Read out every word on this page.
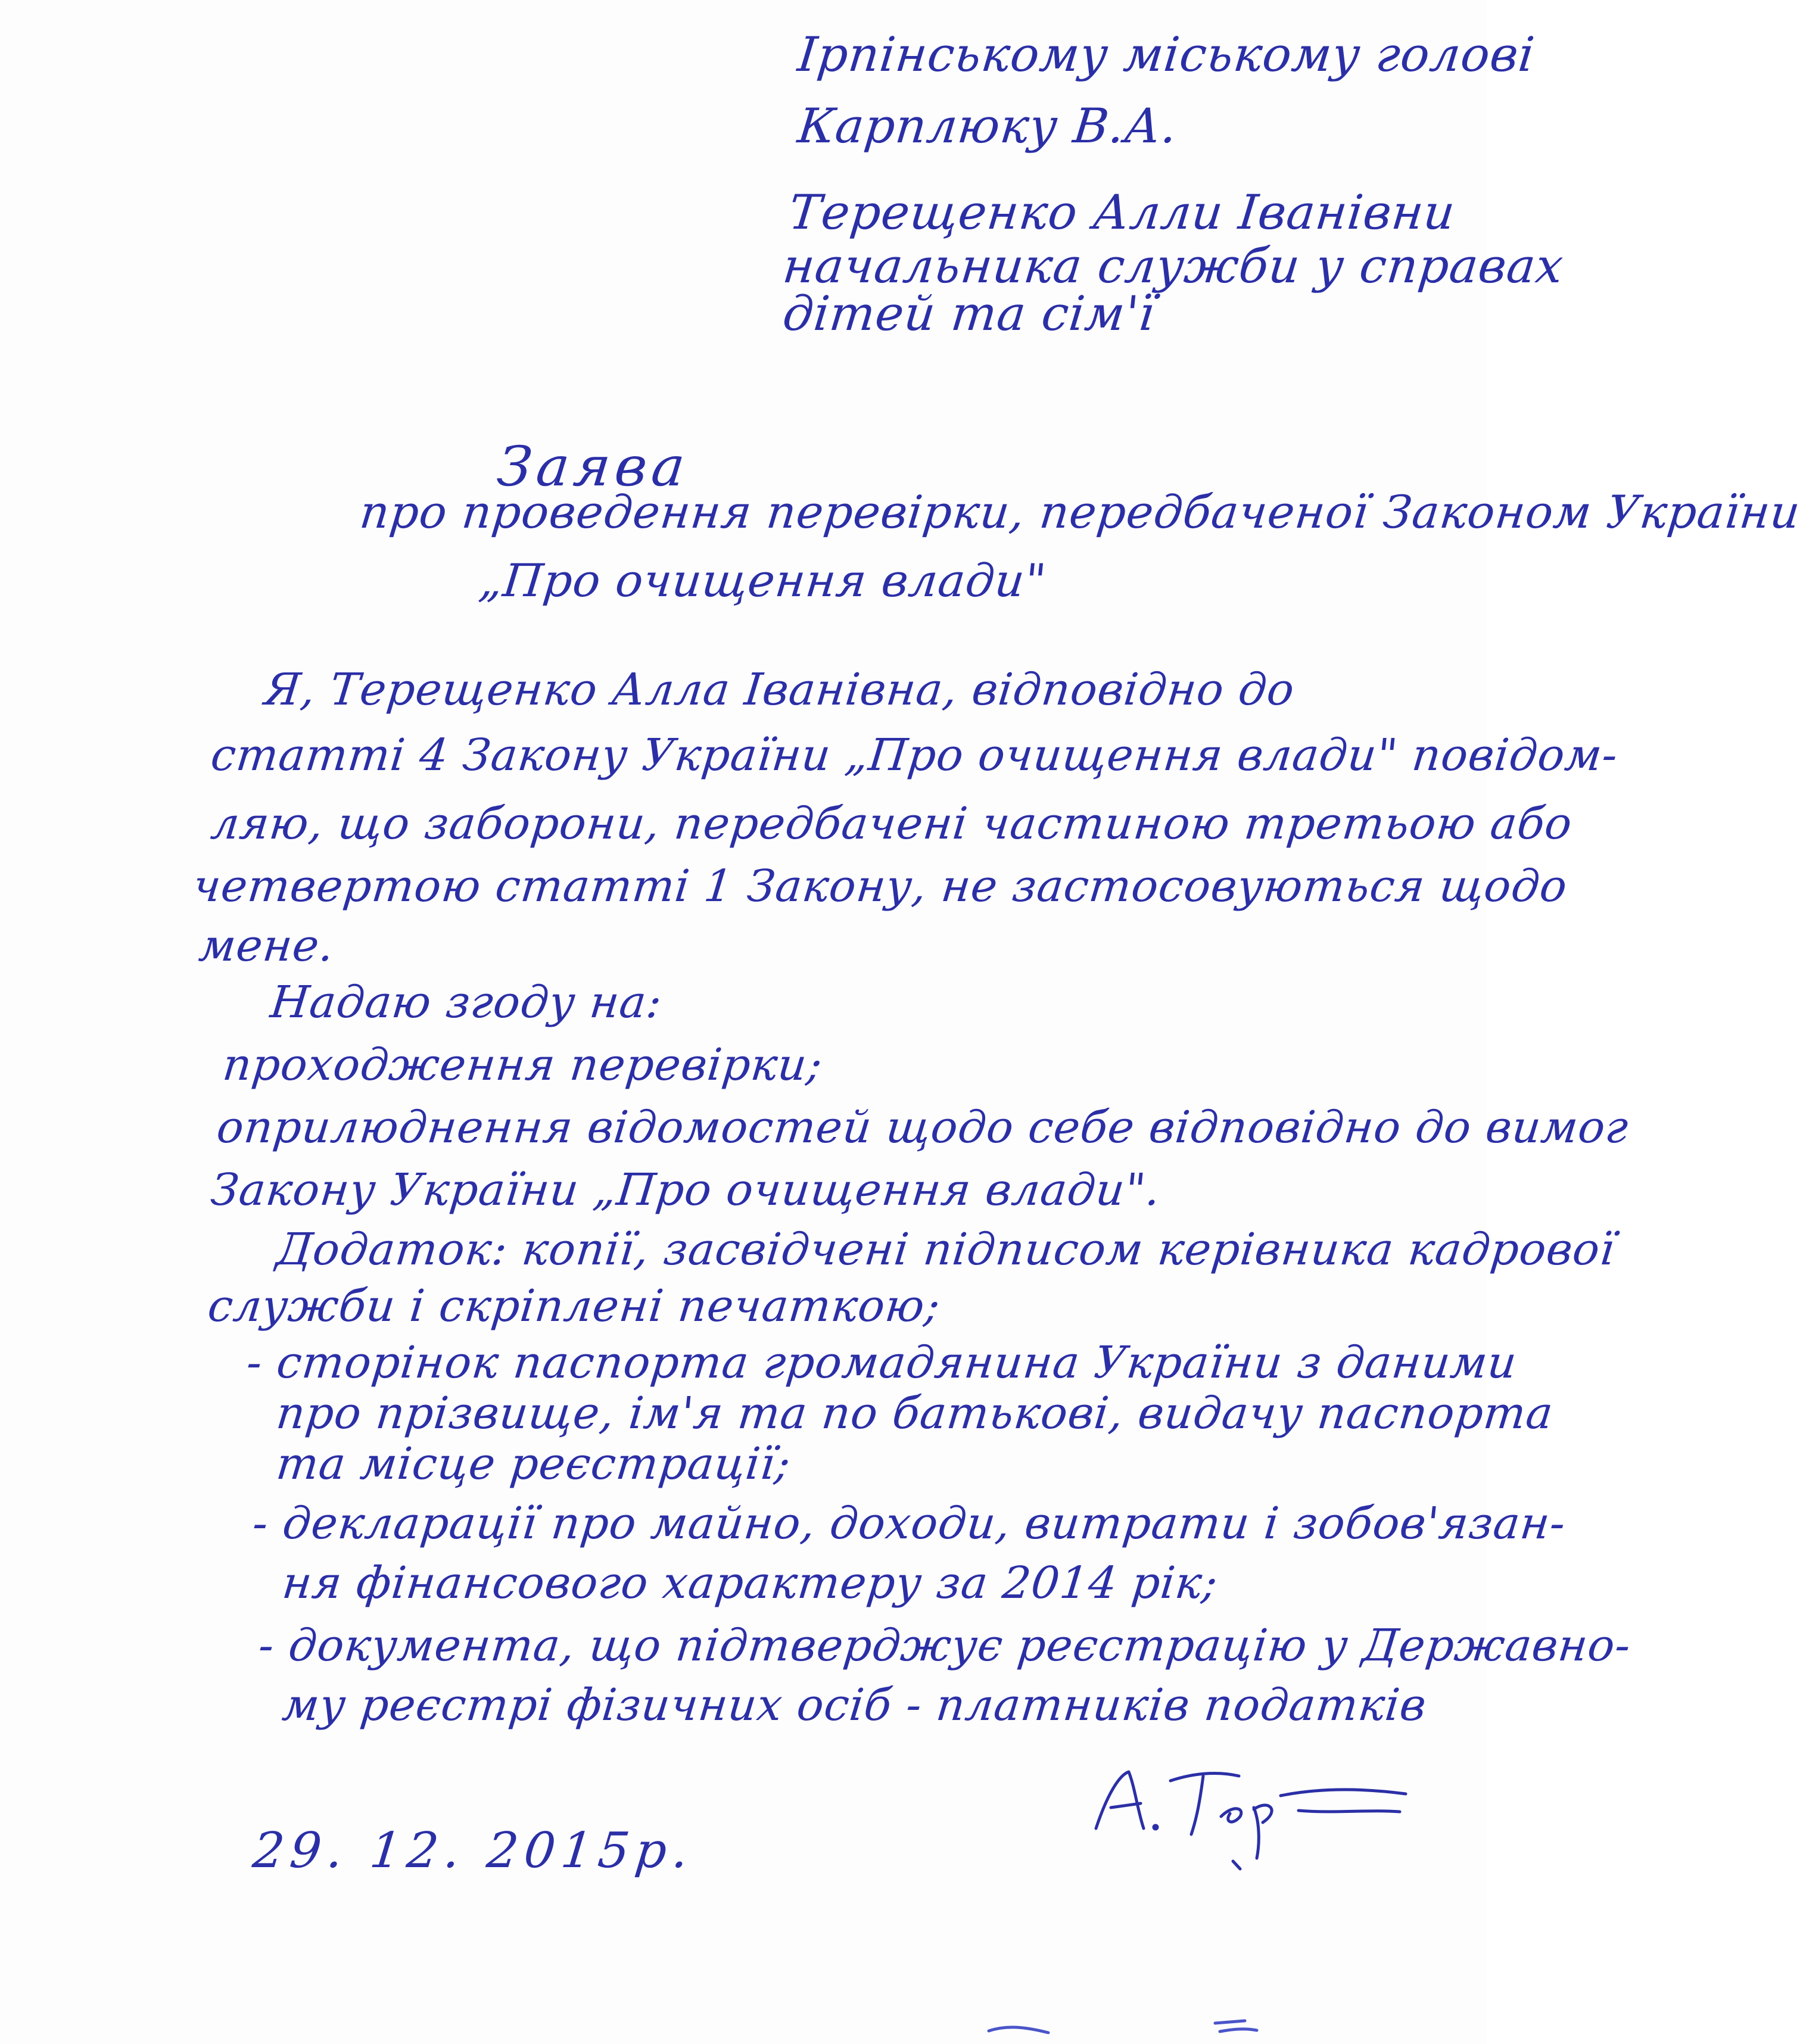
Ірпінському міському голові
Карплюку В.А.
Терещенко Алли Іванівни
начальника служби у справах
дітей та сім'ї
Заява
про проведення перевірки, передбаченої Законом України
„Про очищення влади"
Я, Терещенко Алла Іванівна, відповідно до
статті 4 Закону України „Про очищення влади" повідом-
ляю, що заборони, передбачені частиною третьою або
четвертою статті 1 Закону, не застосовуються щодо
мене.
Надаю згоду на:
проходження перевірки;
оприлюднення відомостей щодо себе відповідно до вимог
Закону України „Про очищення влади".
Додаток: копії, засвідчені підписом керівника кадрової
служби і скріплені печаткою;
- сторінок паспорта громадянина України з даними
про прізвище, ім'я та по батькові, видачу паспорта
та місце реєстрації;
- декларації про майно, доходи, витрати і зобов'язан-
ня фінансового характеру за 2014 рік;
- документа, що підтверджує реєстрацію у Державно-
му реєстрі фізичних осіб - платників податків
29. 12. 2015р.
